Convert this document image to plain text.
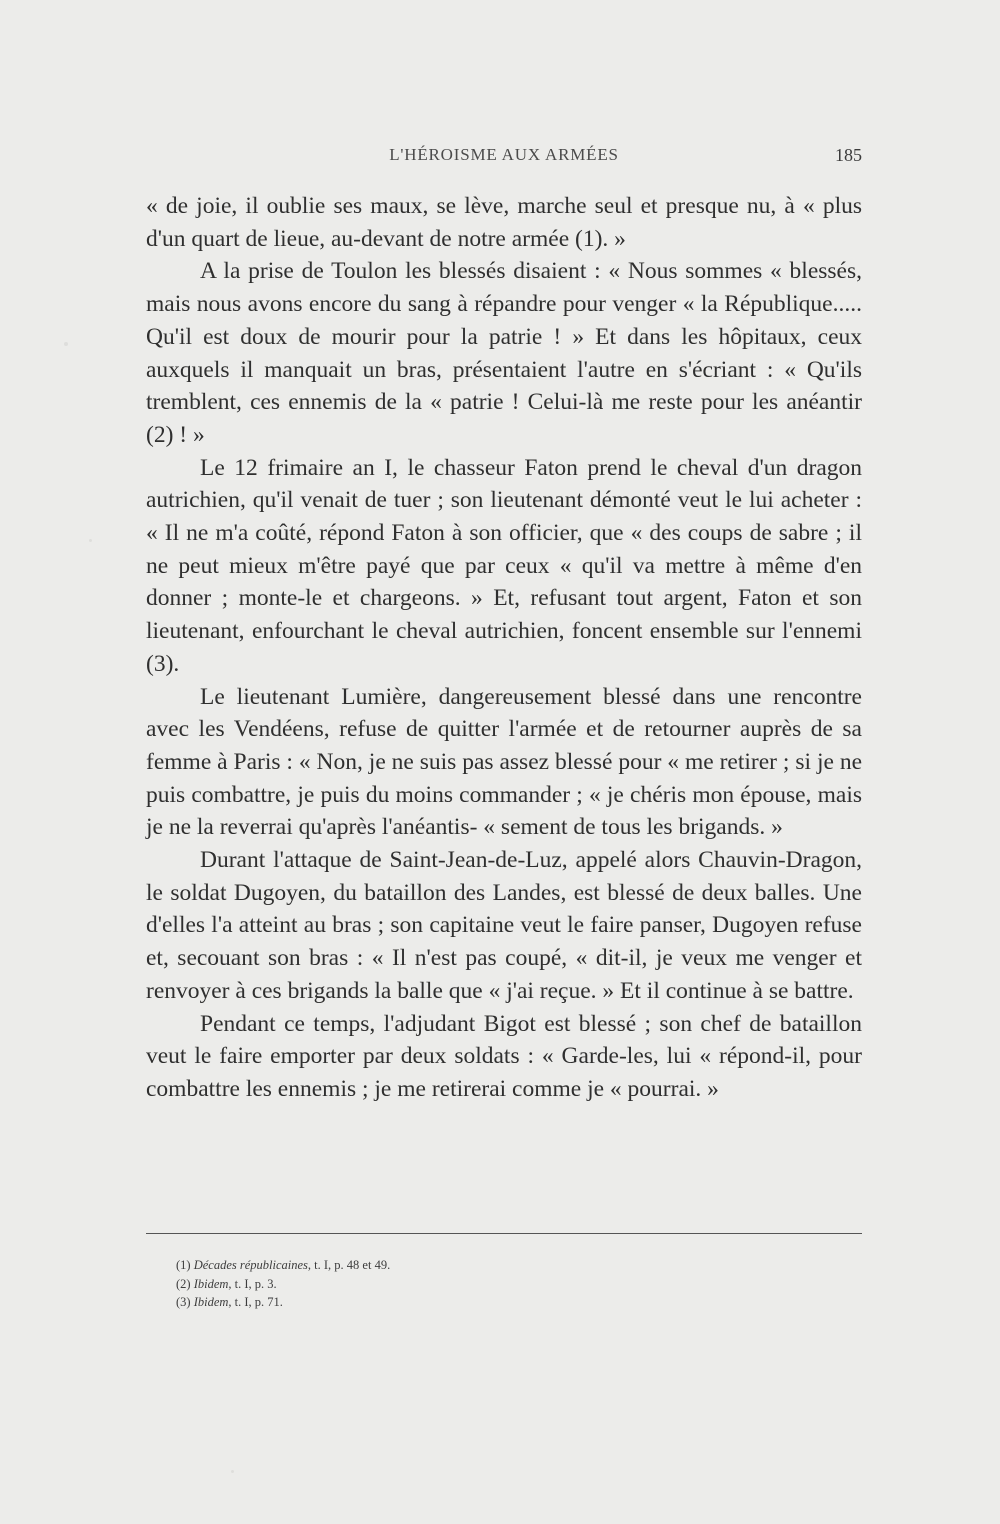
L'HÉROISME AUX ARMÉES	185

« de joie, il oublie ses maux, se lève, marche seul et presque nu, à « plus d'un quart de lieue, au-devant de notre armée (1). »

A la prise de Toulon les blessés disaient : « Nous sommes « blessés, mais nous avons encore du sang à répandre pour venger « la République..... Qu'il est doux de mourir pour la patrie ! » Et dans les hôpitaux, ceux auxquels il manquait un bras, présentaient l'autre en s'écriant : « Qu'ils tremblent, ces ennemis de la « patrie ! Celui-là me reste pour les anéantir (2) ! »

Le 12 frimaire an I, le chasseur Faton prend le cheval d'un dragon autrichien, qu'il venait de tuer ; son lieutenant démonté veut le lui acheter : « Il ne m'a coûté, répond Faton à son officier, que « des coups de sabre ; il ne peut mieux m'être payé que par ceux « qu'il va mettre à même d'en donner ; monte-le et chargeons. » Et, refusant tout argent, Faton et son lieutenant, enfourchant le cheval autrichien, foncent ensemble sur l'ennemi (3).

Le lieutenant Lumière, dangereusement blessé dans une rencontre avec les Vendéens, refuse de quitter l'armée et de retourner auprès de sa femme à Paris : « Non, je ne suis pas assez blessé pour « me retirer ; si je ne puis combattre, je puis du moins commander ; « je chéris mon épouse, mais je ne la reverrai qu'après l'anéantis- « sement de tous les brigands. »

Durant l'attaque de Saint-Jean-de-Luz, appelé alors Chauvin-Dragon, le soldat Dugoyen, du bataillon des Landes, est blessé de deux balles. Une d'elles l'a atteint au bras ; son capitaine veut le faire panser, Dugoyen refuse et, secouant son bras : « Il n'est pas coupé, « dit-il, je veux me venger et renvoyer à ces brigands la balle que « j'ai reçue. » Et il continue à se battre.

Pendant ce temps, l'adjudant Bigot est blessé ; son chef de bataillon veut le faire emporter par deux soldats : « Garde-les, lui « répond-il, pour combattre les ennemis ; je me retirerai comme je « pourrai. »

(1) Décades républicaines, t. I, p. 48 et 49.

(2) Ibidem, t. I, p. 3.

(3) Ibidem, t. I, p. 71.
